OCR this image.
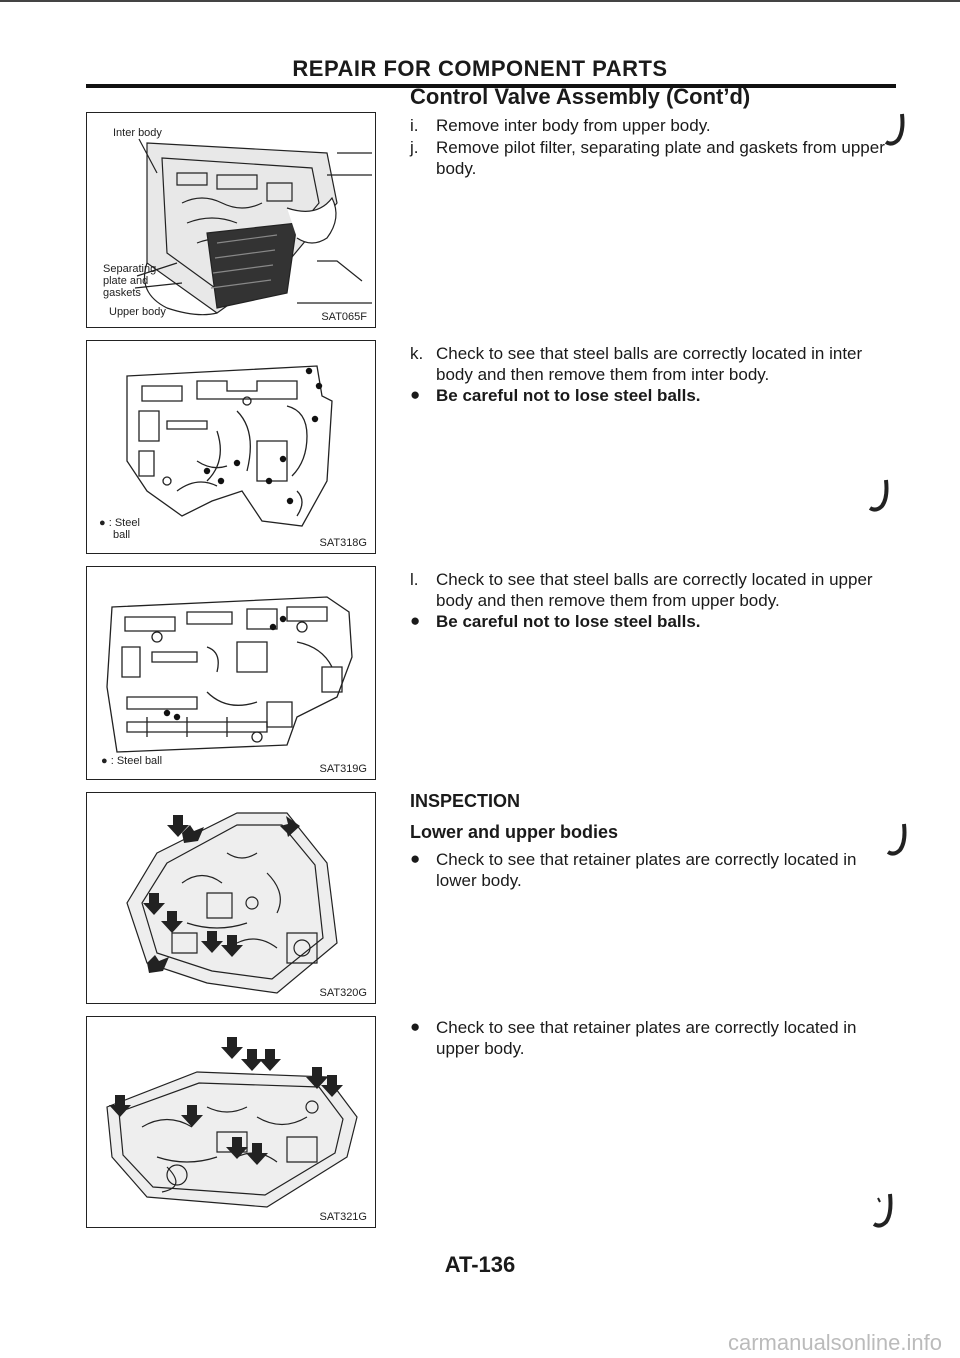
REPAIR FOR COMPONENT PARTS
Control Valve Assembly (Cont’d)
Inter body
Separating
plate and
gaskets
Upper body	SAT065F
● : Steel
ball
SAT318G
● : Steel ball
SAT319G
SAT320G
SAT321G
i. Remove inter body from upper body.
j. Remove pilot filter, separating plate and gaskets from upper
body.
k. Check to see that steel balls are correctly located in inter
body and then remove them from inter body.
● Be careful not to lose steel balls.
l. Check to see that steel balls are correctly located in upper
body and then remove them from upper body.
● Be careful not to lose steel balls.
INSPECTION
Lower and upper bodies
● Check to see that retainer plates are correctly located in
lower body.
● Check to see that retainer plates are correctly located in
upper body.
AT-136
carmanualsonline.info
